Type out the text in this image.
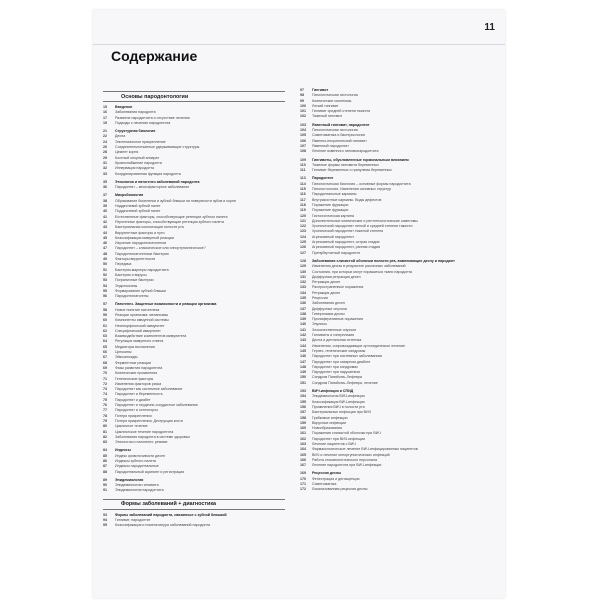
11
Содержание
Основы пародонтологии
15	Введение
16	Заболевания пародонта
17	Развитие пародонтита и отсутствие лечения
19	Подходы к лечению пародонтита
21	Структурная биология
22	Десна
24	Эпителиальное прикрепление
26	Соединительнотканные удерживающие структуры
28	Цемент корня
29	Костный опорный аппарат
31	Кровоснабжение пародонта
32	Иннервация пародонта
33	Координированная функция пародонта
35	Этиология и патогенез заболеваний пародонта
36	Пародонтит – многофакторное заболевание
37	Микробиология
38	Образование биопленки и зубной бляшки на поверхности зубов и корня
39	Наддесневой зубной налет
40	Поддесневой зубной налет
41	Естественные факторы, способствующие ретенции зубного налета
42	Ятрогенные факторы, способствующие ретенции зубного налета
43	Бактериальная колонизация полости рта
44	Вирулентные факторы и пути
45	Классификация иммунной реакции
46	Изучение пародонтопатогенов
47	Пародонтит – классическое или оппортунистическое?
48	Пародонтопатогенные бактерии
49	Факторы вирулентности
50	Передача
51	Бактерии-маркеры пародонтита
52	Бактерии и вирусы
53	Пограничные бактерии
54	Эндотоксины
55	Формирование зубной бляшки
56	Пародонтопатогены
57	Патогенез. Защитные возможности и реакции организма
58	Новое понятие патогенеза
59	Реакции организма: механизмы
60	Компоненты иммунной системы
61	Неспецифический иммунитет
62	Специфический иммунитет
63	Взаимодействие компонентов иммунитета
64	Регуляция иммунного ответа
65	Медиаторы воспаления
66	Цитокины
67	Эйкозаноиды
68	Ферментные реакции
69	Фазы развития пародонтита
70	Клинические проявления
71	Генетические факторы
72	Изменения факторов риска
73	Пародонтит как системное заболевание
74	Пародонтит и беременность
75	Пародонтит и диабет
76	Пародонтит и сердечно-сосудистые заболевания
77	Пародонтит и остеопороз
78	Потеря прикрепления
79	Потеря прикрепления. Деструкция кости
80	Цикличное течение
81	Циклическое течение пародонтита
82	Заболевания пародонта в системе здоровья
83	Этиология и патогенез: резюме
84	Индексы
85	Индекс кровоточивости десен
86	Индексы зубного налета
87	Индексы пародонтальные
88	Пародонтальный скрининг и регистрация
89	Эпидемиология
90	Эпидемиология гингивита
91	Эпидемиология пародонтита
Формы заболеваний + диагностика
93	Формы заболеваний пародонта, связанные с зубной бляшкой
94	Гингивит, пародонтит
95	Классификация и номенклатура заболеваний пародонта
97	Гингивит
98	Патологическая гистология
99	Клинические симптомы
100	Легкий гингивит
101	Гингивит средней степени тяжести
102	Тяжелый гингивит
103	Язвенный гингивит, пародонтит
104	Патологическая гистология
105	Симптоматика и бактериология
106	Язвенно-некротический гингивит
107	Язвенный пародонтит
108	Лечение язвенного гингивопародонтита
109	Гингивиты, обусловленные гормональным влиянием
110	Тяжелые формы гингивита беременных
111	Гингивит беременных и гранулема беременных
113	Пародонтит
114	Патологическая биология – основные формы пародонтита
115	Патогистология. Изменения основных структур
116	Пародонтальные карманы
117	Внутрикостные карманы. Виды дефектов
118	Поражение фуркации
119	Поражение фуркации
120	Гистологическая картина
121	Дополнительные клинические и рентгенологические симптомы
122	Хронический пародонтит легкой и средней степени тяжести
123	Хронический пародонтит тяжелой степени
124	Агрессивный пародонтит
125	Агрессивный пародонтит, острая стадия
126	Агрессивный пародонтит, ранняя стадия
127	Препубертатный пародонтит
128	Заболевания слизистой оболочки полости рта, вовлекающие десну и пародонт
129	Изменения десны в результате различных заболеваний
130	Состояния, при которых могут поражаться ткани пародонта
131	Диффузная ретракция десен
132	Ретракция десен
133	Распространенные поражения
134	Ретракция десен
135	Рецессия
136	Заболевания десен
137	Диффузные опухоли
138	Гиперплазия десны
139	Пролиферативные поражения
140	Эпулисы
141	Злокачественные опухоли
142	Гингивиты и гиперплазия
143	Десна и дентальная эстетика
144	Изменения, сопровождающие ортопедическое лечение
145	Герпес, генетические синдромы
146	Пародонтит при системных заболеваниях
147	Пародонтит при сахарном диабете
148	Пародонтит при синдромах
149	Пародонтит при нарушениях
150	Синдром Папийона–Лефевра
151	Синдром Папийона–Лефевра, лечение
153	ВИЧ-инфекция и СПИД
154	Эпидемиология ВИЧ-инфекции
155	Классификация ВИЧ-инфекции
156	Проявления ВИЧ в полости рта
157	Бактериальные инфекции при ВИЧ
158	Грибковые инфекции
159	Вирусные инфекции
160	Новообразования
161	Поражения слизистой оболочки при ВИЧ
162	Пародонтит при ВИЧ-инфекции
163	Лечение пациентов с ВИЧ
164	Фармакологическое лечение ВИЧ-инфицированных пациентов
165	ВИЧ и лечение оппортунистических инфекций
166	Работа стоматологического персонала
167	Лечение пародонтита при ВИЧ-инфекции
169	Рецессия десны
170	Фенестрация и дегисценция
171	Симптоматика
172	Локализованная рецессия десны
